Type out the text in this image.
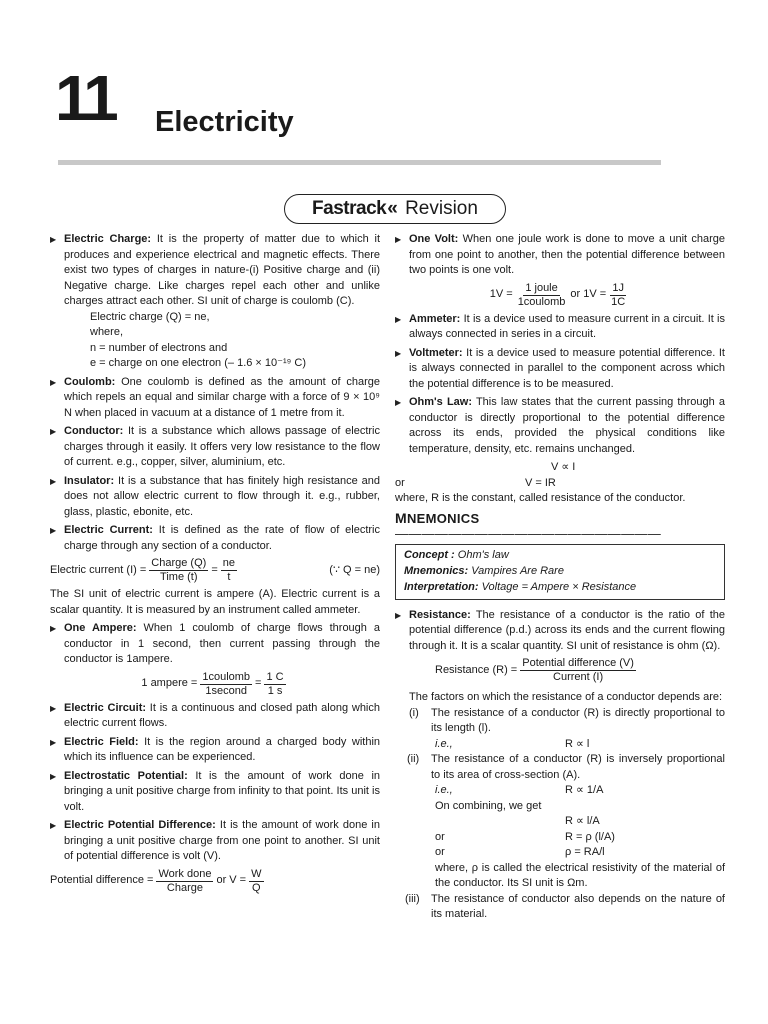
11 Electricity
Fastrack «
Revision
▶ Electric Charge: It is the property of matter due to which it produces and experience electrical and magnetic effects. There exist two types of charges in nature-(i) Positive charge and (ii) Negative charge. Like charges repel each other and unlike charges attract each other. SI unit of charge is coulomb (C).
Electric charge (Q) = ne,
where,
n = number of electrons and
e = charge on one electron (– 1.6 × 10⁻¹⁹ C)
▶ Coulomb: One coulomb is defined as the amount of charge which repels an equal and similar charge with a force of 9 × 10⁹ N when placed in vacuum at a distance of 1 metre from it.
▶ Conductor: It is a substance which allows passage of electric charges through it easily. It offers very low resistance to the flow of current. e.g., copper, silver, aluminium, etc.
▶ Insulator: It is a substance that has finitely high resistance and does not allow electric current to flow through it. e.g., rubber, glass, plastic, ebonite, etc.
▶ Electric Current: It is defined as the rate of flow of electric charge through any section of a conductor.
Electric current $(I) = \frac{\text{Charge (Q)}}{\text{Time (t)}} = \frac{ne}{t}$	(∵ Q = ne)
The SI unit of electric current is ampere (A). Electric current is a scalar quantity. It is measured by an instrument called ammeter.
▶ One Ampere: When 1 coulomb of charge flows through a conductor in 1 second, then current passing through the conductor is 1ampere.
1 ampere = $\frac{\text{1coulomb}}{\text{1second}} = \frac{1 C}{1 s}$
▶ Electric Circuit: It is a continuous and closed path along which electric current flows.
▶ Electric Field: It is the region around a charged body within which its influence can be experienced.
▶ Electrostatic Potential: It is the amount of work done in bringing a unit positive charge from infinity to that point. Its unit is volt.
▶ Electric Potential Difference: It is the amount of work done in bringing a unit positive charge from one point to another. SI unit of potential difference is volt (V).
Potential difference = $\frac{\text{Work done}}{\text{Charge}}$ or $V = \frac{W}{Q}$
▶ One Volt: When one joule work is done to move a unit charge from one point to another, then the potential difference between two points is one volt.
$1V = \frac{\text{1 joule}}{\text{1coulomb}}$ or $1V = \frac{1J}{1C}$
▶ Ammeter: It is a device used to measure current in a circuit. It is always connected in series in a circuit.
▶ Voltmeter: It is a device used to measure potential difference. It is always connected in parallel to the component across which the potential difference is to be measured.
▶ Ohm's Law: This law states that the current passing through a conductor is directly proportional to the potential difference across its ends, provided the physical conditions like temperature, density, etc. remains unchanged.
V ∝ I
or	V = IR
where, R is the constant, called resistance of the conductor.
MNEMONICS ————————————————————
Concept : Ohm's law
Mnemonics: Vampires Are Rare
Interpretation: Voltage = Ampere × Resistance
▶ Resistance: The resistance of a conductor is the ratio of the potential difference (p.d.) across its ends and the current flowing through it. It is a scalar quantity. SI unit of resistance is ohm (Ω).
Resistance $(R) = \frac{\text{Potential difference (V)}}{\text{Current (I)}}$
The factors on which the resistance of a conductor depends are:
(i) The resistance of a conductor (R) is directly proportional to its length (l).
i.e.,	R ∝ l
(ii) The resistance of a conductor (R) is inversely proportional to its area of cross-section (A).
i.e.,	R ∝ 1/A
On combining, we get
R ∝ l/A
or	R = ρ (l/A)
or	ρ = RA/l
where, ρ is called the electrical resistivity of the material of the conductor. Its SI unit is Ωm.
(iii) The resistance of conductor also depends on the nature of its material.
